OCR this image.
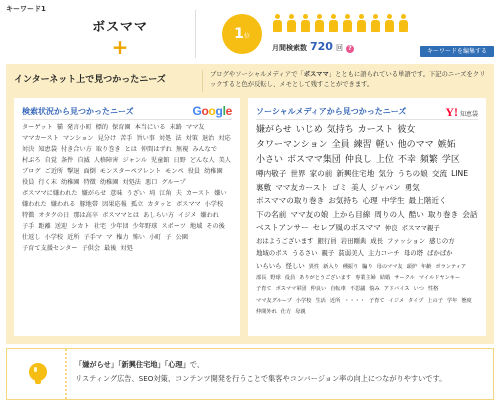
キーワード1
ボスママ
+
1位
月間検索数 720 回 ?	キーワードを編集する
インターネット上で見つかったニーズ
ブログやソーシャルメディアで「ボスママ」とともに語られている単語です。下記のニーズをクリックすると色が反転し、メモとして残すことができます。
検索状況から見つかったニーズ	Google
ターゲット 猫 発言小町 標的 保育園 本当にいる 末路 ママ友
ママカースト マンション 見分け 苦手 旨い事 対処 法 対策 退治 対応
対決 知恵袋 付き合い方 取り巻き とは 仲間はずれ 無視 みんなで
村ぶろ 自覚 条件 自滅 人格障害 ジャンル 児童館 日野 どんな人 美人
ブログ ご近所 撃退 面倒 モンスターペアレント モンペ 役員 幼稚園
役員 行く末 幼稚園 特徴 幼稚園 対処法 悪口 グループ
ボスママに嫌われた 嫌がらせ 意味 うざい 埼 江角 夫 カースト 嫌い
嫌われた 嫌われる 豚地帯 因果応報 孤立 カタッと ボスママ 小学校
特徴 オタクの日 那は高卒 ボスママとは あしらい方 イジメ 嫌われ
子手 距離 送迎 シカト 社宅 少年団 少年野球 スポーツ 地域 その後
仕返し 小学校 近所 子手マ マ 権力 怖い 小町 子 公園
子育て支援センター 子供会 最後 対処
ソーシャルメディアから見つかったニーズ	Y! 知恵袋
嫌がらせ いじめ 気持ち カースト 彼女
タワーマンション 全員 練習 軽い 他のママ 嫉妬
小さい ボスママ集団 仲良し 上位 不幸 頻繁 学区
噂内敬子 世界 家の前 新興住宅地 気分 うちの娘 交流 LINE
裏敷 ママ友カースト ゴミ 美人 ジャパン 勇気
ボスママの取り巻き お気持ち 心理 中学生 最上階近く
下の名前 ママ友の娘 上から目線 周りの人 酷い 取り巻き 会話
ベストアンサー セレブ風のボスママ 仲良 ボスママ親子
おはようございます 銀行員 岩田剛典 成長 ファッション 感じの方
地域のボス うるさい 親子 貧弱美人 主力コーチ 母の塔 ばかばか
いらいら 怪しい 異性 新入り 種振り 騙り 母のママ友 頭炉 年齢 ボランティア
部長 野球 役員 ありがとうございます 専業主婦 結婚 サークル マイルドヤンキー
子育て ボスママ軍団 仲良い 自転車 不思議 悩み アドバイス いつ 性格
ママ友グループ 小学校 生活 近所 ・・・・ 子育て イジメ タイプ 上の子 学年 態度
仲間外れ 仕方 母親
「嫌がらせ」「新興住宅地」「心理」で、
リスティング広告、SEO対策、コンテンツ開発を行うことで集客やコンバージョン率の向上につながりやすいです。
